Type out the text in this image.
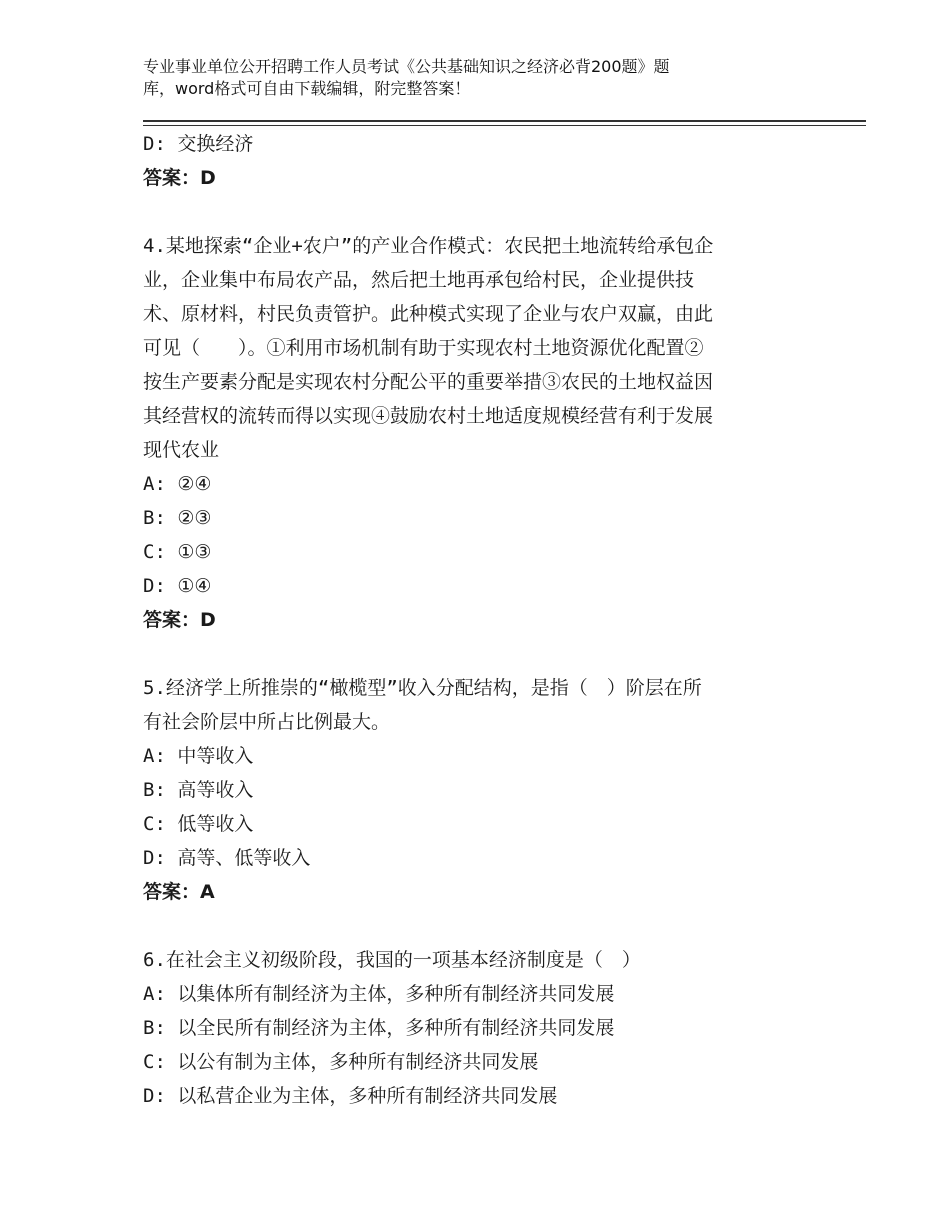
专业事业单位公开招聘工作人员考试《公共基础知识之经济必背200题》题
库，word格式可自由下载编辑，附完整答案！
D: 交换经济
答案：D
4.某地探索“企业+农户”的产业合作模式：农民把土地流转给承包企
业，企业集中布局农产品，然后把土地再承包给村民，企业提供技
术、原材料，村民负责管护。此种模式实现了企业与农户双赢，由此
可见（　　）。①利用市场机制有助于实现农村土地资源优化配置②
按生产要素分配是实现农村分配公平的重要举措③农民的土地权益因
其经营权的流转而得以实现④鼓励农村土地适度规模经营有利于发展
现代农业
A: ②④
B: ②③
C: ①③
D: ①④
答案：D
5.经济学上所推崇的“橄榄型”收入分配结构，是指（　）阶层在所
有社会阶层中所占比例最大。
A: 中等收入
B: 高等收入
C: 低等收入
D: 高等、低等收入
答案：A
6.在社会主义初级阶段，我国的一项基本经济制度是（　）
A: 以集体所有制经济为主体，多种所有制经济共同发展
B: 以全民所有制经济为主体，多种所有制经济共同发展
C: 以公有制为主体，多种所有制经济共同发展
D: 以私营企业为主体，多种所有制经济共同发展
